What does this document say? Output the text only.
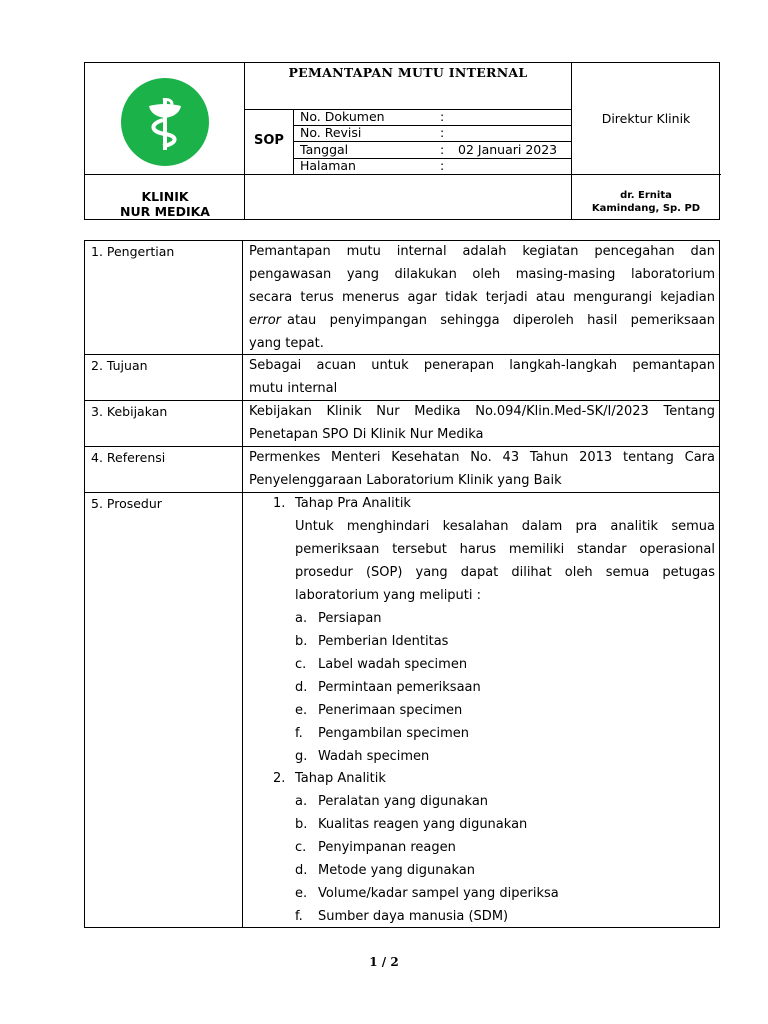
PEMANTAPAN MUTU INTERNAL
SOP
No. Dokumen	:
No. Revisi	:
Tanggal	: 02 Januari 2023
Halaman	:
Direktur Klinik
KLINIK
NUR MEDIKA
dr. Ernita
Kamindang, Sp. PD
1. Pengertian	Pemantapan mutu internal adalah kegiatan pencegahan dan
pengawasan yang dilakukan oleh masing-masing laboratorium
secara terus menerus agar tidak terjadi atau mengurangi kejadian
error atau penyimpangan sehingga diperoleh hasil pemeriksaan
yang tepat.
2. Tujuan	Sebagai acuan untuk penerapan langkah-langkah pemantapan
mutu internal
3. Kebijakan	Kebijakan Klinik Nur Medika No.094/Klin.Med-SK/I/2023 Tentang
Penetapan SPO Di Klinik Nur Medika
4. Referensi	Permenkes Menteri Kesehatan No. 43 Tahun 2013 tentang Cara
Penyelenggaraan Laboratorium Klinik yang Baik
5. Prosedur	1. Tahap Pra Analitik
Untuk menghindari kesalahan dalam pra analitik semua
pemeriksaan tersebut harus memiliki standar operasional
prosedur (SOP) yang dapat dilihat oleh semua petugas
laboratorium yang meliputi :
a. Persiapan
b. Pemberian Identitas
c. Label wadah specimen
d. Permintaan pemeriksaan
e. Penerimaan specimen
f. Pengambilan specimen
g. Wadah specimen
2. Tahap Analitik
a. Peralatan yang digunakan
b. Kualitas reagen yang digunakan
c. Penyimpanan reagen
d. Metode yang digunakan
e. Volume/kadar sampel yang diperiksa
f. Sumber daya manusia (SDM)
1 / 2
